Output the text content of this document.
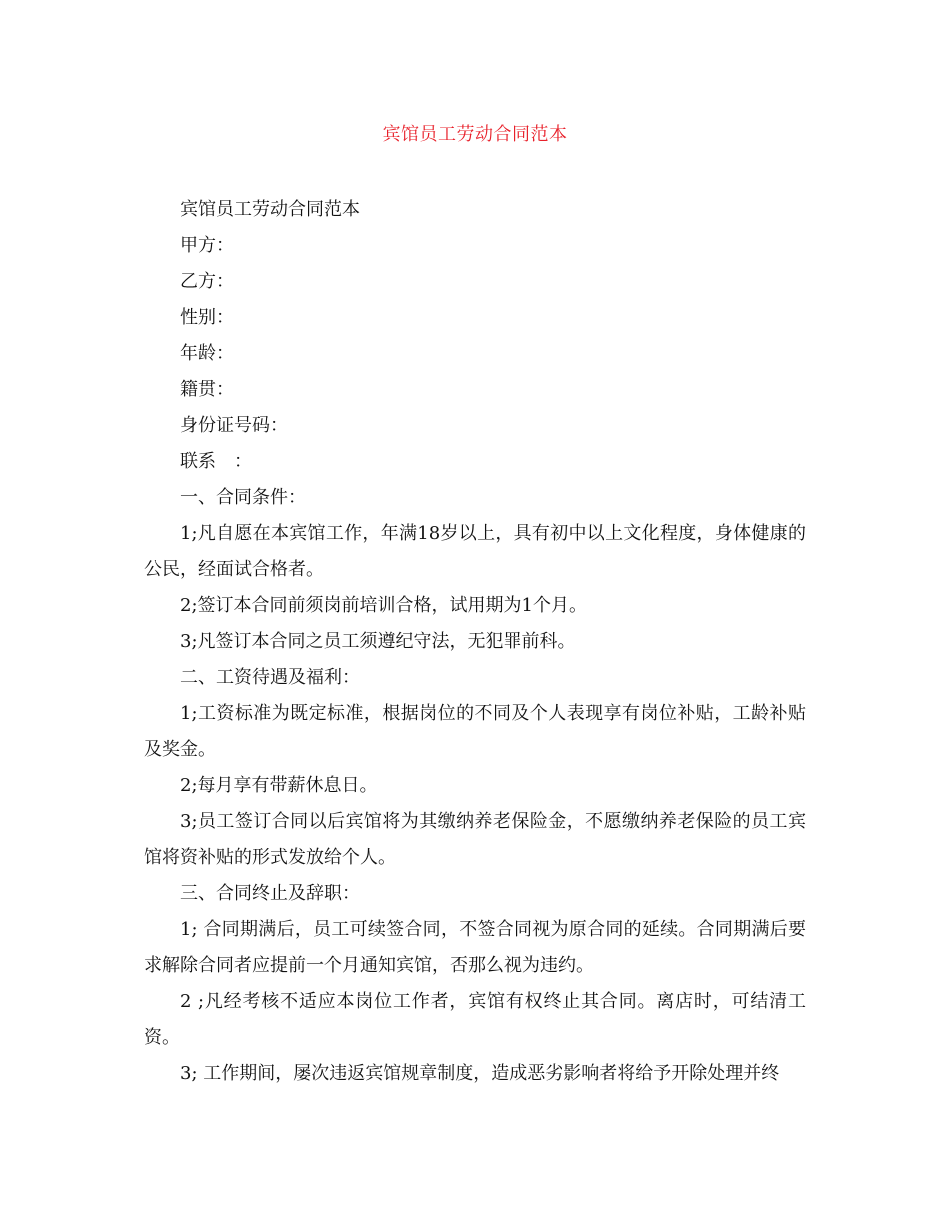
宾馆员工劳动合同范本

宾馆员工劳动合同范本

甲方：

乙方：

性别：

年龄：

籍贯：

身份证号码：

联系　：

一、合同条件：

1;凡自愿在本宾馆工作，年满18岁以上，具有初中以上文化程度，身体健康的公民，经面试合格者。

2;签订本合同前须岗前培训合格，试用期为1个月。

3;凡签订本合同之员工须遵纪守法，无犯罪前科。

二、工资待遇及福利：

1;工资标准为既定标准，根据岗位的不同及个人表现享有岗位补贴，工龄补贴及奖金。

2;每月享有带薪休息日。

3;员工签订合同以后宾馆将为其缴纳养老保险金，不愿缴纳养老保险的员工宾馆将资补贴的形式发放给个人。

三、合同终止及辞职：

1; 合同期满后，员工可续签合同，不签合同视为原合同的延续。合同期满后要求解除合同者应提前一个月通知宾馆，否那么视为违约。

2 ;凡经考核不适应本岗位工作者，宾馆有权终止其合同。离店时，可结清工资。

3; 工作期间，屡次违返宾馆规章制度，造成恶劣影响者将给予开除处理并终
